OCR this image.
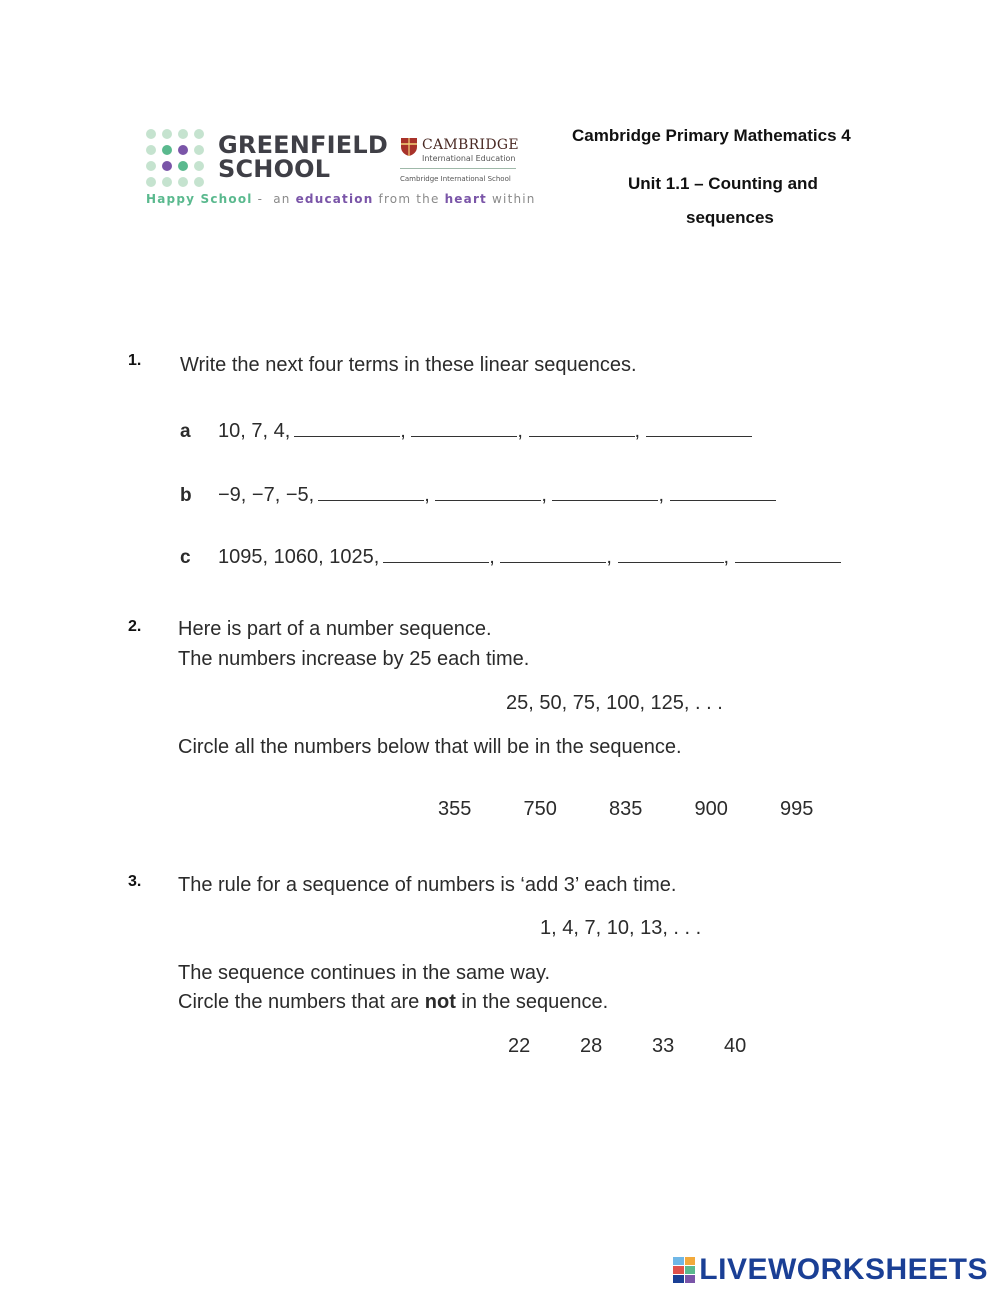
GREENFIELD
SCHOOL
Happy School -  an education from the heart within
CAMBRIDGE
International Education
Cambridge International School
Cambridge Primary Mathematics 4
Unit 1.1 – Counting and
sequences
1. Write the next four terms in these linear sequences.
a	10, 7, 4,	,	,	,
b	−9, −7, −5,	,	,	,
c	1095, 1060, 1025,	,	,	,
2. Here is part of a number sequence.
The numbers increase by 25 each time.
25, 50, 75, 100, 125, . . .
Circle all the numbers below that will be in the sequence.
355	750	835	900	995
3. The rule for a sequence of numbers is ‘add 3’ each time.
1, 4, 7, 10, 13, . . .
The sequence continues in the same way.
Circle the numbers that are not in the sequence.
22	28	33	40
LIVEWORKSHEETS
